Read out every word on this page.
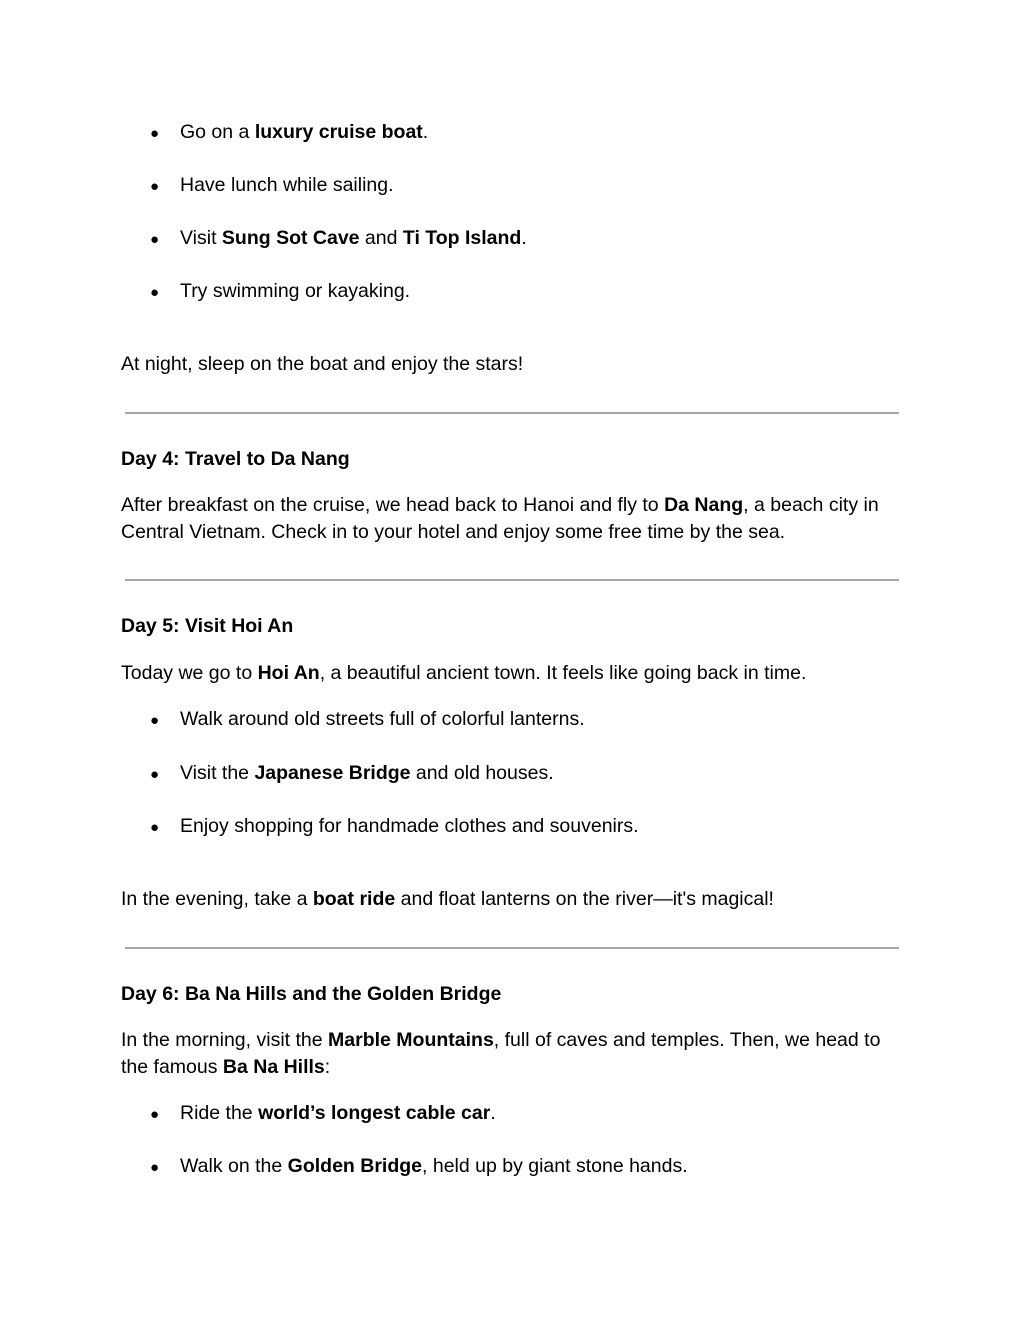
● Go on a luxury cruise boat.
● Have lunch while sailing.
● Visit Sung Sot Cave and Ti Top Island.
● Try swimming or kayaking.
At night, sleep on the boat and enjoy the stars!
Day 4: Travel to Da Nang
After breakfast on the cruise, we head back to Hanoi and fly to Da Nang, a beach city in
Central Vietnam. Check in to your hotel and enjoy some free time by the sea.
Day 5: Visit Hoi An
Today we go to Hoi An, a beautiful ancient town. It feels like going back in time.
● Walk around old streets full of colorful lanterns.
● Visit the Japanese Bridge and old houses.
● Enjoy shopping for handmade clothes and souvenirs.
In the evening, take a boat ride and float lanterns on the river—it's magical!
Day 6: Ba Na Hills and the Golden Bridge
In the morning, visit the Marble Mountains, full of caves and temples. Then, we head to
the famous Ba Na Hills:
● Ride the world’s longest cable car.
● Walk on the Golden Bridge, held up by giant stone hands.
